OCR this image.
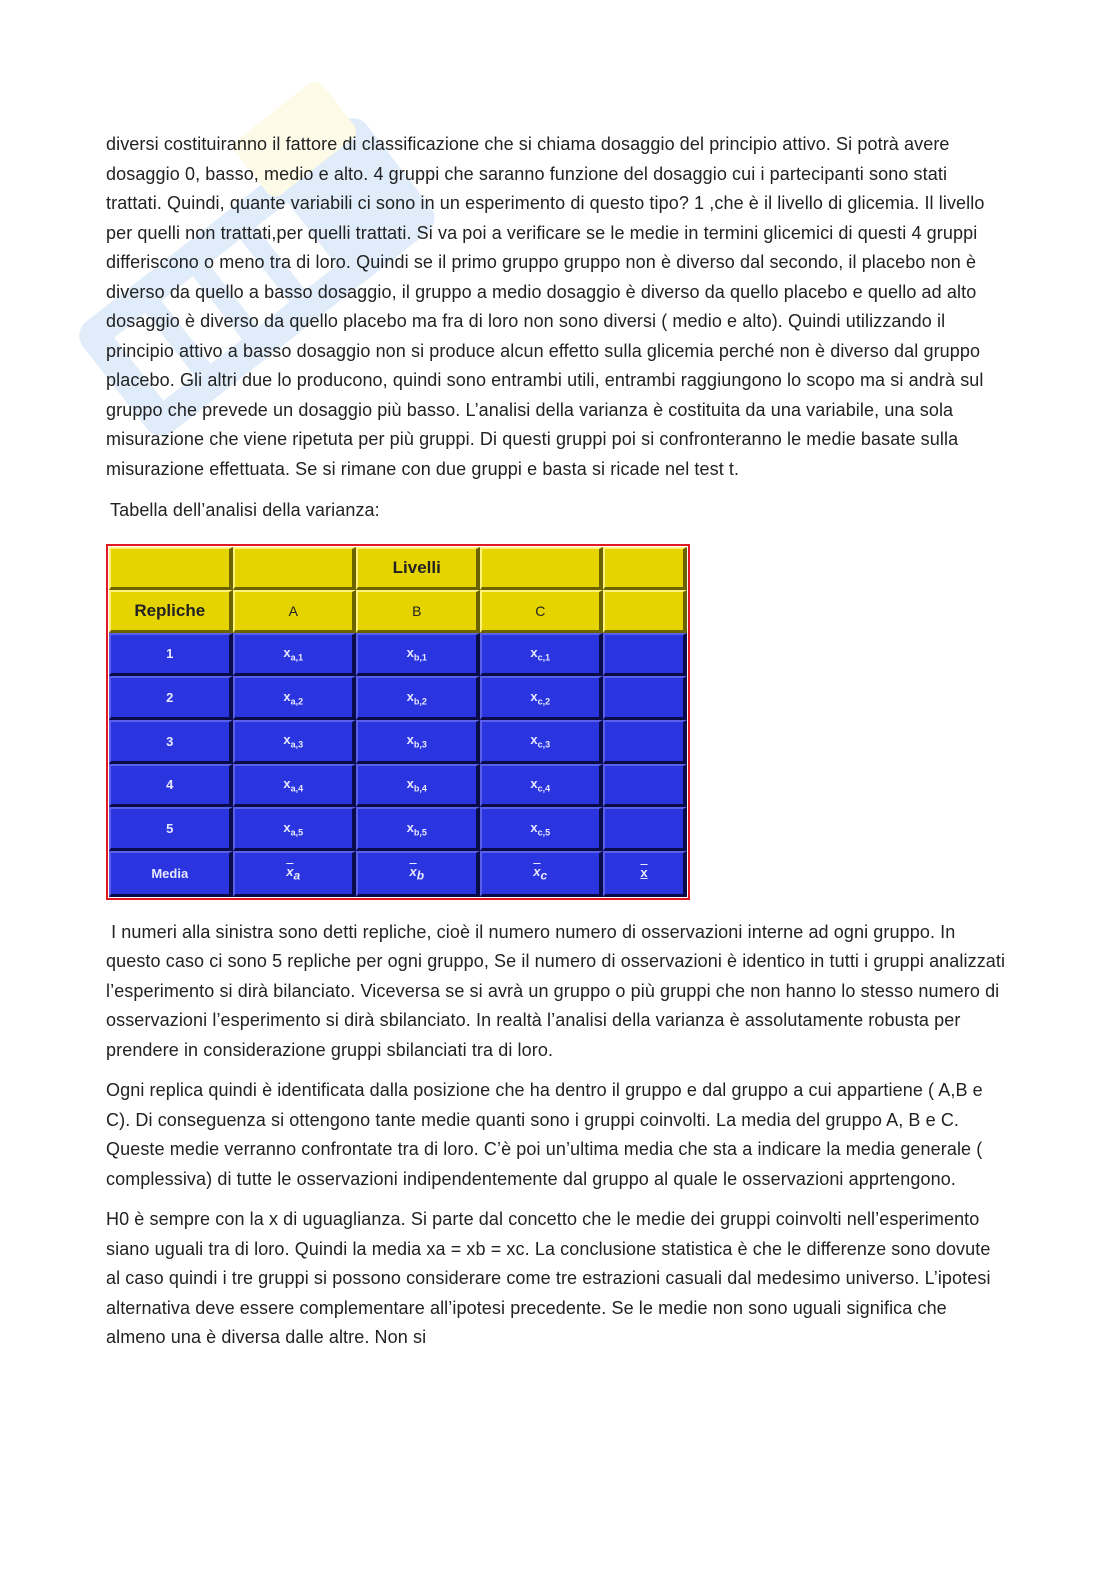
diversi costituiranno il fattore di classificazione che si chiama dosaggio del principio attivo. Si potrà avere dosaggio 0, basso, medio e alto. 4 gruppi che saranno funzione del dosaggio cui i partecipanti sono stati trattati. Quindi, quante variabili ci sono in un esperimento di questo tipo? 1 ,che è il livello di glicemia. Il livello per quelli non trattati,per quelli trattati. Si va poi a verificare se le medie in termini glicemici di questi 4 gruppi differiscono o meno tra di loro. Quindi se il primo gruppo gruppo non è diverso dal secondo, il placebo non è diverso da quello a basso dosaggio, il gruppo a medio dosaggio è diverso da quello placebo e quello ad alto dosaggio è diverso da quello placebo ma fra di loro non sono diversi ( medio e alto). Quindi utilizzando il principio attivo a basso dosaggio non si produce alcun effetto sulla glicemia perché non è diverso dal gruppo placebo. Gli altri due lo producono, quindi sono entrambi utili, entrambi raggiungono lo scopo ma si andrà sul gruppo che prevede un dosaggio più basso. L’analisi della varianza è costituita da una variabile, una sola misurazione che viene ripetuta per più gruppi. Di questi gruppi poi si confronteranno le medie basate sulla misurazione effettuata. Se si rimane con due gruppi e basta si ricade nel test t.

Tabella dell’analisi della varianza:

		Livelli		
Repliche	A	B	C	
1	$x_{a,1}$	$x_{b,1}$	$x_{c,1}$	
2	$x_{a,2}$	$x_{b,2}$	$x_{c,2}$	
3	$x_{a,3}$	$x_{b,3}$	$x_{c,3}$	
4	$x_{a,4}$	$x_{b,4}$	$x_{c,4}$	
5	$x_{a,5}$	$x_{b,5}$	$x_{c,5}$	
Media	$\overline{x}_a$	$\overline{x}_b$	$\overline{x}_c$	x

I numeri alla sinistra sono detti repliche, cioè il numero numero di osservazioni interne ad ogni gruppo. In questo caso ci sono 5 repliche per ogni gruppo, Se il numero di osservazioni è identico in tutti i gruppi analizzati l’esperimento si dirà bilanciato. Viceversa se si avrà un gruppo o più gruppi che non hanno lo stesso numero di osservazioni l’esperimento si dirà sbilanciato. In realtà l’analisi della varianza è assolutamente robusta per prendere in considerazione gruppi sbilanciati tra di loro.

Ogni replica quindi è identificata dalla posizione che ha dentro il gruppo e dal gruppo a cui appartiene ( A,B e C). Di conseguenza si ottengono tante medie quanti sono i gruppi coinvolti. La media del gruppo A, B e C. Queste medie verranno confrontate tra di loro. C’è poi un’ultima media che sta a indicare la media generale ( complessiva) di tutte le osservazioni indipendentemente dal gruppo al quale le osservazioni apprtengono.

H0 è sempre con la x di uguaglianza. Si parte dal concetto che le medie dei gruppi coinvolti nell’esperimento siano uguali tra di loro. Quindi la media xa = xb = xc. La conclusione statistica è che le differenze sono dovute al caso quindi i tre gruppi si possono considerare come tre estrazioni casuali dal medesimo universo. L’ipotesi alternativa deve essere complementare all’ipotesi precedente. Se le medie non sono uguali significa che almeno una è diversa dalle altre. Non si
